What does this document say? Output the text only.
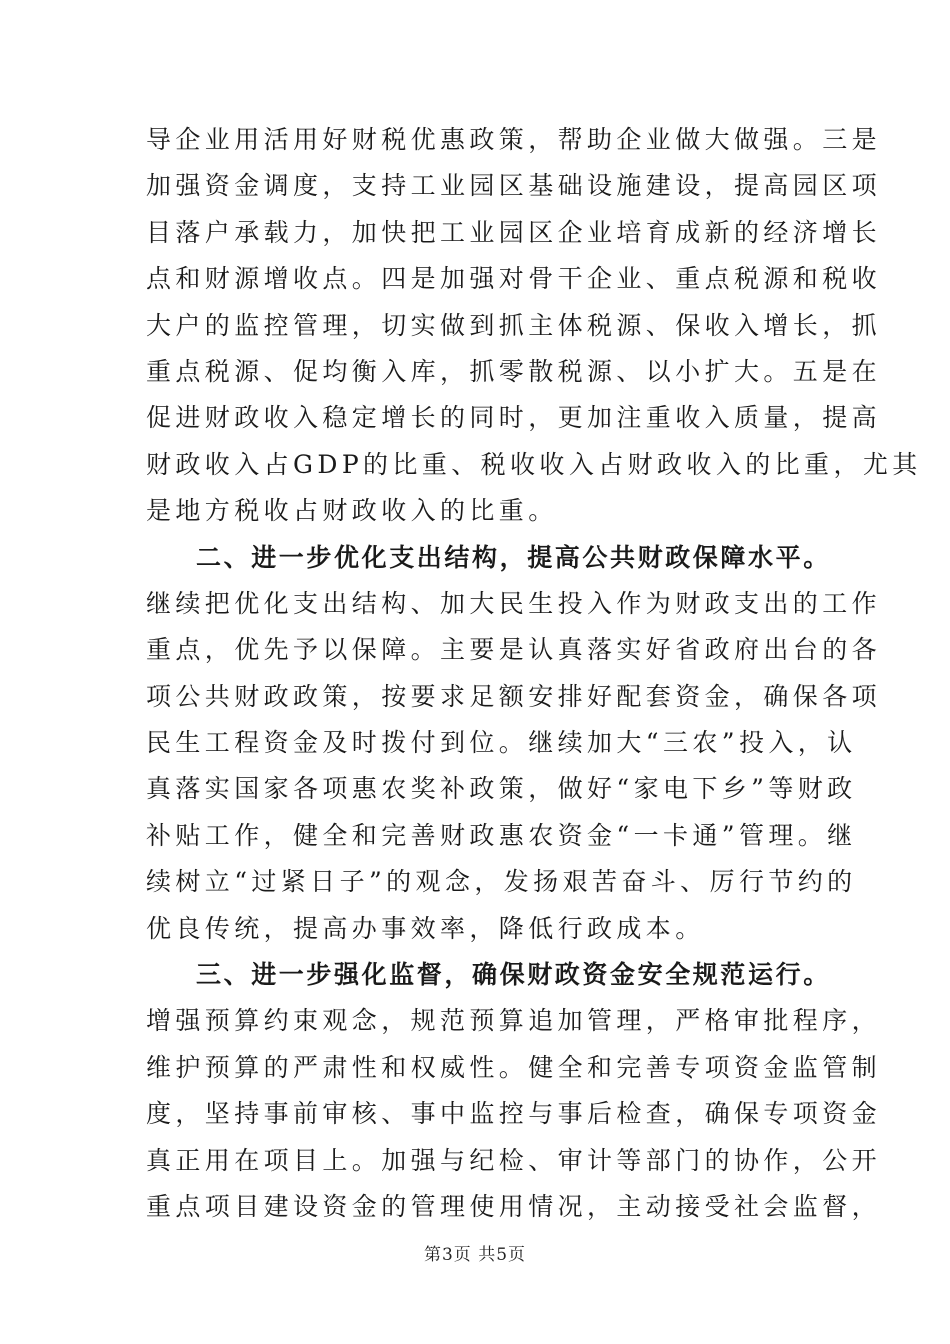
导企业用活用好财税优惠政策，帮助企业做大做强。三是
加强资金调度，支持工业园区基础设施建设，提高园区项
目落户承载力，加快把工业园区企业培育成新的经济增长
点和财源增收点。四是加强对骨干企业、重点税源和税收
大户的监控管理，切实做到抓主体税源、保收入增长，抓
重点税源、促均衡入库，抓零散税源、以小扩大。五是在
促进财政收入稳定增长的同时，更加注重收入质量，提高
财政收入占GDP的比重、税收收入占财政收入的比重，尤其
是地方税收占财政收入的比重。
二、进一步优化支出结构，提高公共财政保障水平。
继续把优化支出结构、加大民生投入作为财政支出的工作
重点，优先予以保障。主要是认真落实好省政府出台的各
项公共财政政策，按要求足额安排好配套资金，确保各项
民生工程资金及时拨付到位。继续加大“三农”投入，认
真落实国家各项惠农奖补政策，做好“家电下乡”等财政
补贴工作，健全和完善财政惠农资金“一卡通”管理。继
续树立“过紧日子”的观念，发扬艰苦奋斗、厉行节约的
优良传统，提高办事效率，降低行政成本。
三、进一步强化监督，确保财政资金安全规范运行。
增强预算约束观念，规范预算追加管理，严格审批程序，
维护预算的严肃性和权威性。健全和完善专项资金监管制
度，坚持事前审核、事中监控与事后检查，确保专项资金
真正用在项目上。加强与纪检、审计等部门的协作，公开
重点项目建设资金的管理使用情况，主动接受社会监督，
第3页 共5页
